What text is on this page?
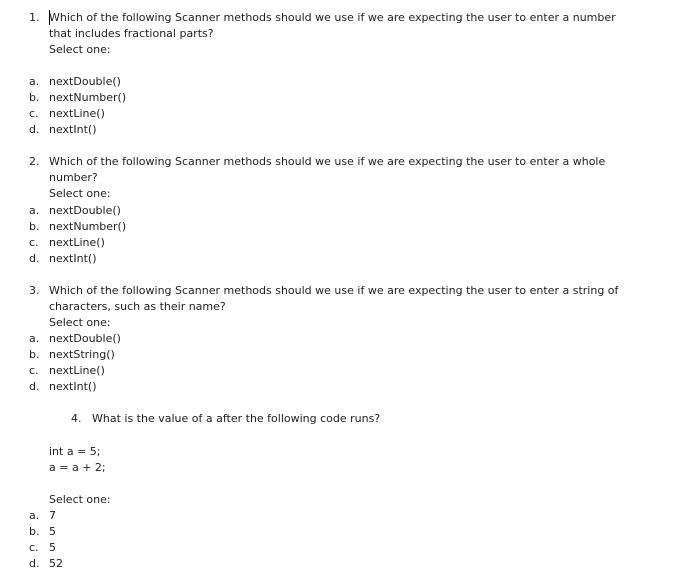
1. Which of the following Scanner methods should we use if we are expecting the user to enter a number
that includes fractional parts?
Select one:
a. nextDouble()
b. nextNumber()
c. nextLine()
d. nextInt()
2. Which of the following Scanner methods should we use if we are expecting the user to enter a whole
number?
Select one:
a. nextDouble()
b. nextNumber()
c. nextLine()
d. nextInt()
3. Which of the following Scanner methods should we use if we are expecting the user to enter a string of
characters, such as their name?
Select one:
a. nextDouble()
b. nextString()
c. nextLine()
d. nextInt()
4. What is the value of a after the following code runs?
int a = 5;
a = a + 2;
Select one:
a. 7
b. 5
c. 5
d. 52
